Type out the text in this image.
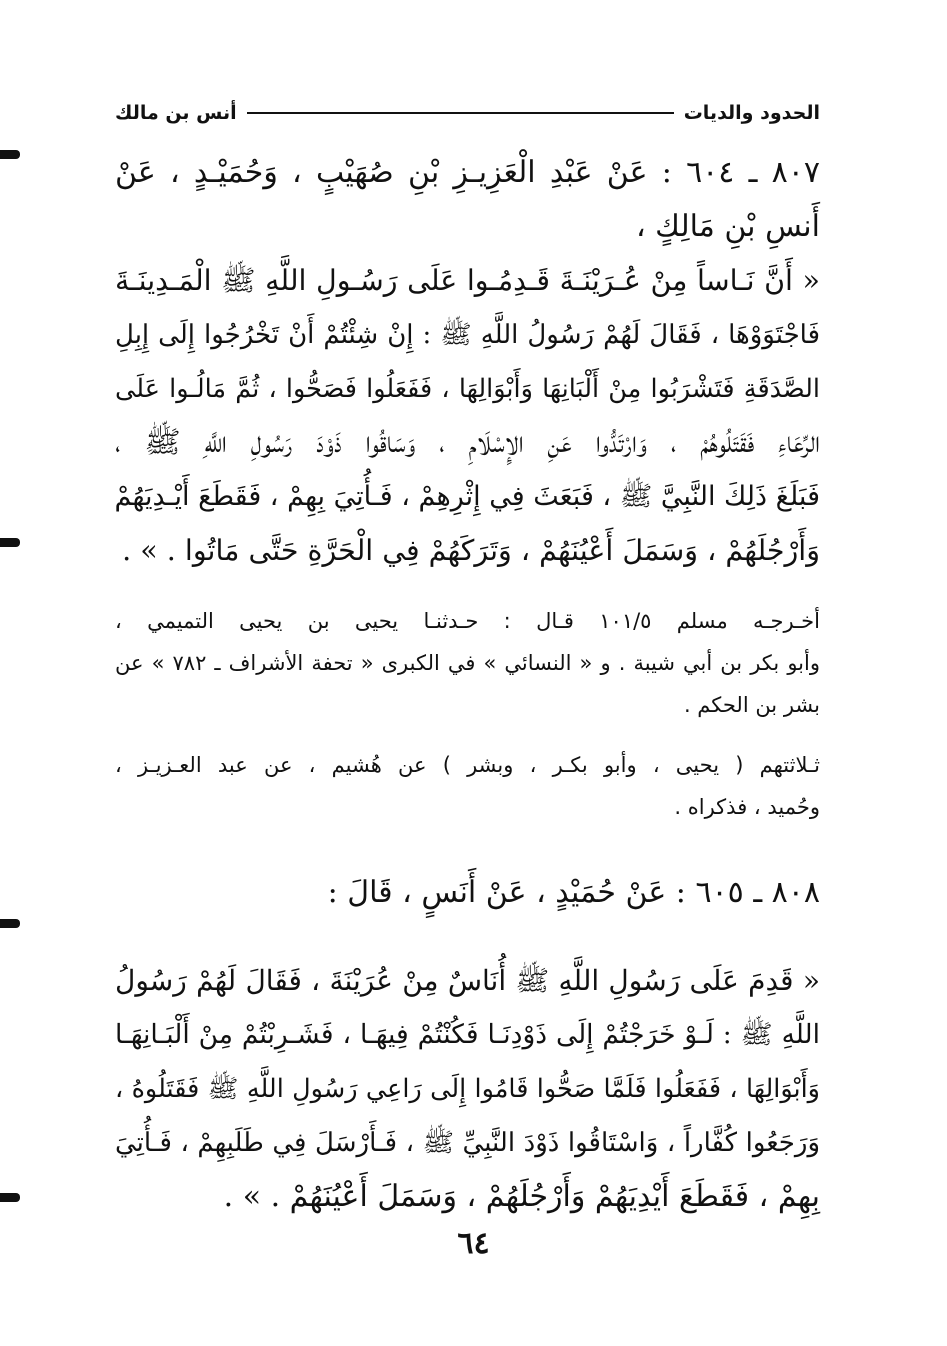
الحدود والديات
أنس بن مالك
٨٠٧ ـ ٦٠٤ : عَنْ عَبْدِ الْعَزِيـزِ بْنِ صُهَيْبٍ ، وَحُمَيْـدٍ ، عَنْ
أَنسِ بْنِ مَالِكٍ ،
« أَنَّ نَـاساً مِنْ عُـرَيْنَـةَ قَـدِمُـوا عَلَى رَسُـولِ اللَّهِ ﷺ الْمَـدِينَـةَ
فَاجْتَوَوْهَا ، فَقَالَ لَهُمْ رَسُولُ اللَّهِ ﷺ : إِنْ شِئْتُمْ أَنْ تَخْرُجُوا إِلَى إِبِلِ
الصَّدَقَةِ فَتَشْرَبُوا مِنْ أَلْبَانِهَا وَأَبْوَالِهَا ، فَفَعَلُوا فَصَحُّوا ، ثُمَّ مَالُـوا عَلَى
الرِّعَاءِ فَقَتَلُوهُمْ ، وَارْتَدُّوا عَنِ الإِسْلَامِ ، وَسَاقُوا ذَوْدَ رَسُولِ اللَّهِ ﷺ ،
فَبَلَغَ ذَلِكَ النَّبِيَّ ﷺ ، فَبَعَثَ فِي إِثْرِهِمْ ، فَـأُتِيَ بِهِمْ ، فَقَطَعَ أَيْـدِيَهُمْ
وَأَرْجُلَهُمْ ، وَسَمَلَ أَعْيُنَهُمْ ، وَتَرَكَهُمْ فِي الْحَرَّةِ حَتَّى مَاتُوا . » .
أخـرجـه مسلم ١٠١/٥ قـال : حـدثنـا يحيى بن يحيى التميمي ،
وأبو بكر بن أبي شيبة . و « النسائي » في الكبرى « تحفة الأشراف ـ ٧٨٢ » عن
بشر بن الحكم .
ثـلاثتهم ( يحيى ، وأبو بكـر ، وبشر ) عن هُشيم ، عن عبد العـزيـز ،
وحُميد ، فذكراه .
٨٠٨ ـ ٦٠٥ : عَنْ حُمَيْدٍ ، عَنْ أَنَسٍ ، قَالَ :
« قَدِمَ عَلَى رَسُولِ اللَّهِ ﷺ أُنَاسٌ مِنْ عُرَيْنَةَ ، فَقَالَ لَهُمْ رَسُولُ
اللَّهِ ﷺ : لَـوْ خَرَجْتُمْ إِلَى ذَوْدِنَـا فَكُنْتُمْ فِيهَـا ، فَشَـرِبْتُمْ مِنْ أَلْبَـانِهَـا
وَأَبْوَالِهَا ، فَفَعَلُوا فَلَمَّا صَحُّوا قَامُوا إِلَى رَاعِي رَسُولِ اللَّهِ ﷺ فَقَتَلُوهُ ،
وَرَجَعُوا كُفَّاراً ، وَاسْتَاقُوا ذَوْدَ النَّبِيِّ ﷺ ، فَـأَرْسَلَ فِي طَلَبِهِمْ ، فَـأُتِيَ
بِهِمْ ، فَقَطَعَ أَيْدِيَهُمْ وَأَرْجُلَهُمْ ، وَسَمَلَ أَعْيُنَهُمْ . » .
٦٤
